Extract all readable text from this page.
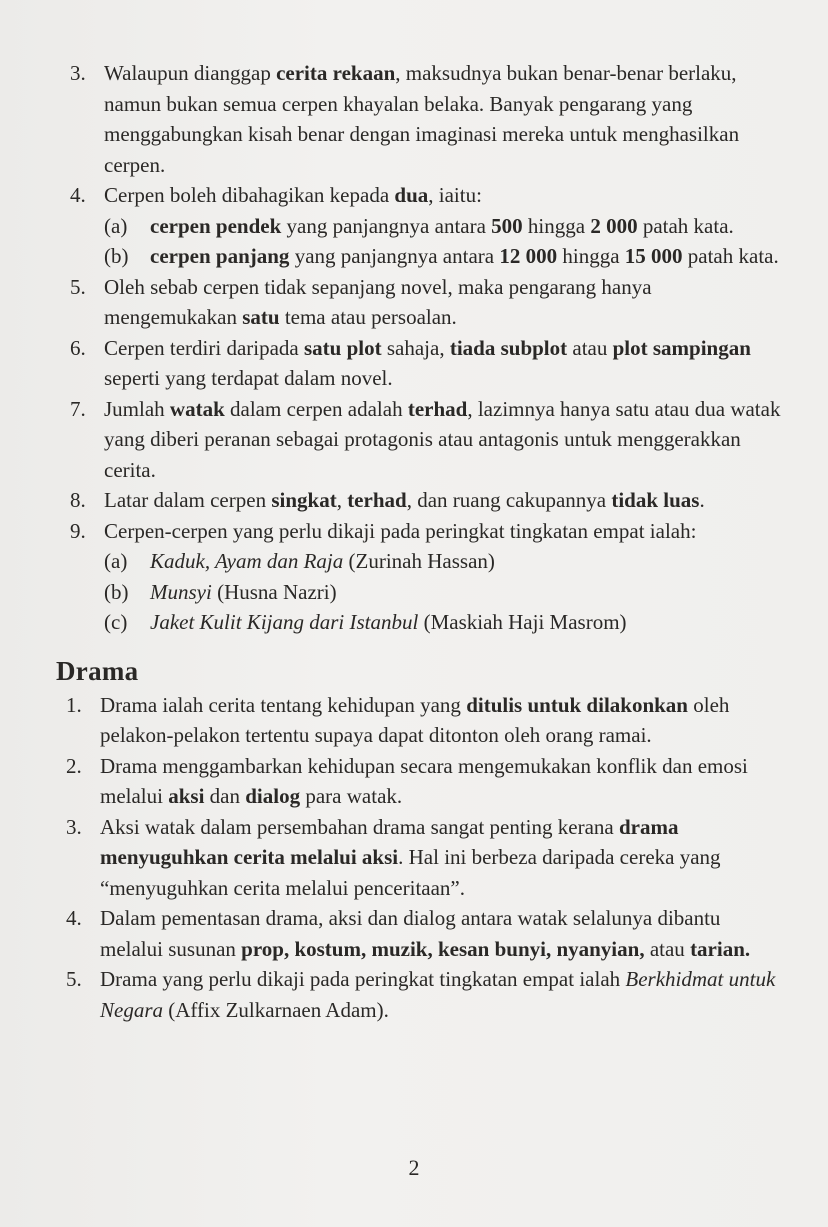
3. Walaupun dianggap cerita rekaan, maksudnya bukan benar-benar berlaku, namun bukan semua cerpen khayalan belaka. Banyak pengarang yang menggabungkan kisah benar dengan imaginasi mereka untuk menghasilkan cerpen.
4. Cerpen boleh dibahagikan kepada dua, iaitu:
(a) cerpen pendek yang panjangnya antara 500 hingga 2 000 patah kata.
(b) cerpen panjang yang panjangnya antara 12 000 hingga 15 000 patah kata.
5. Oleh sebab cerpen tidak sepanjang novel, maka pengarang hanya mengemukakan satu tema atau persoalan.
6. Cerpen terdiri daripada satu plot sahaja, tiada subplot atau plot sampingan seperti yang terdapat dalam novel.
7. Jumlah watak dalam cerpen adalah terhad, lazimnya hanya satu atau dua watak yang diberi peranan sebagai protagonis atau antagonis untuk menggerakkan cerita.
8. Latar dalam cerpen singkat, terhad, dan ruang cakupannya tidak luas.
9. Cerpen-cerpen yang perlu dikaji pada peringkat tingkatan empat ialah:
(a) Kaduk, Ayam dan Raja (Zurinah Hassan)
(b) Munsyi (Husna Nazri)
(c) Jaket Kulit Kijang dari Istanbul (Maskiah Haji Masrom)
Drama
1. Drama ialah cerita tentang kehidupan yang ditulis untuk dilakonkan oleh pelakon-pelakon tertentu supaya dapat ditonton oleh orang ramai.
2. Drama menggambarkan kehidupan secara mengemukakan konflik dan emosi melalui aksi dan dialog para watak.
3. Aksi watak dalam persembahan drama sangat penting kerana drama menyuguhkan cerita melalui aksi. Hal ini berbeza daripada cereka yang “menyuguhkan cerita melalui penceritaan”.
4. Dalam pementasan drama, aksi dan dialog antara watak selalunya dibantu melalui susunan prop, kostum, muzik, kesan bunyi, nyanyian, atau tarian.
5. Drama yang perlu dikaji pada peringkat tingkatan empat ialah Berkhidmat untuk Negara (Affix Zulkarnaen Adam).
2
